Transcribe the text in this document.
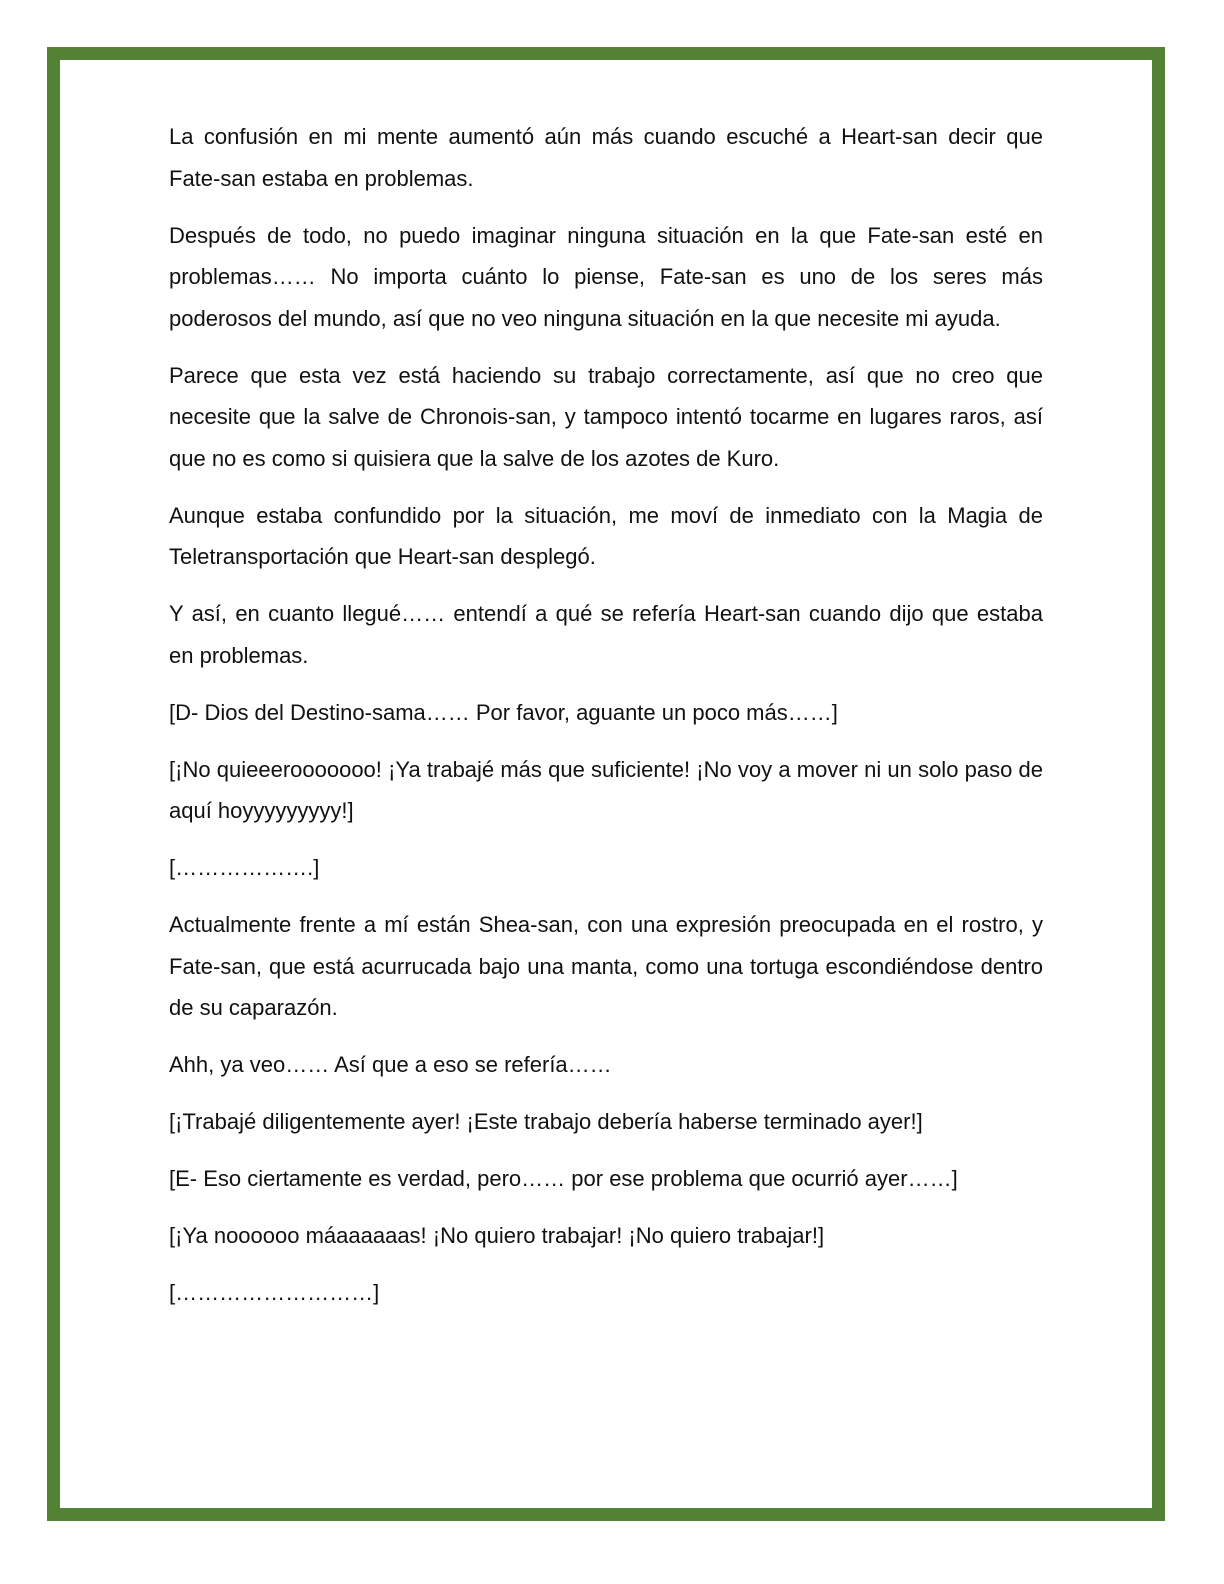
La confusión en mi mente aumentó aún más cuando escuché a Heart-san decir que Fate-san estaba en problemas.

Después de todo, no puedo imaginar ninguna situación en la que Fate-san esté en problemas…… No importa cuánto lo piense, Fate-san es uno de los seres más poderosos del mundo, así que no veo ninguna situación en la que necesite mi ayuda.

Parece que esta vez está haciendo su trabajo correctamente, así que no creo que necesite que la salve de Chronois-san, y tampoco intentó tocarme en lugares raros, así que no es como si quisiera que la salve de los azotes de Kuro.

Aunque estaba confundido por la situación, me moví de inmediato con la Magia de Teletransportación que Heart-san desplegó.

Y así, en cuanto llegué…… entendí a qué se refería Heart-san cuando dijo que estaba en problemas.

[D- Dios del Destino-sama…… Por favor, aguante un poco más……]

[¡No quieeerooooooo! ¡Ya trabajé más que suficiente! ¡No voy a mover ni un solo paso de aquí hoyyyyyyyyy!]

[……………….]

Actualmente frente a mí están Shea-san, con una expresión preocupada en el rostro, y Fate-san, que está acurrucada bajo una manta, como una tortuga escondiéndose dentro de su caparazón.

Ahh, ya veo…… Así que a eso se refería……

[¡Trabajé diligentemente ayer! ¡Este trabajo debería haberse terminado ayer!]

[E- Eso ciertamente es verdad, pero…… por ese problema que ocurrió ayer……]

[¡Ya noooooo máaaaaaas! ¡No quiero trabajar! ¡No quiero trabajar!]

[………………………]
